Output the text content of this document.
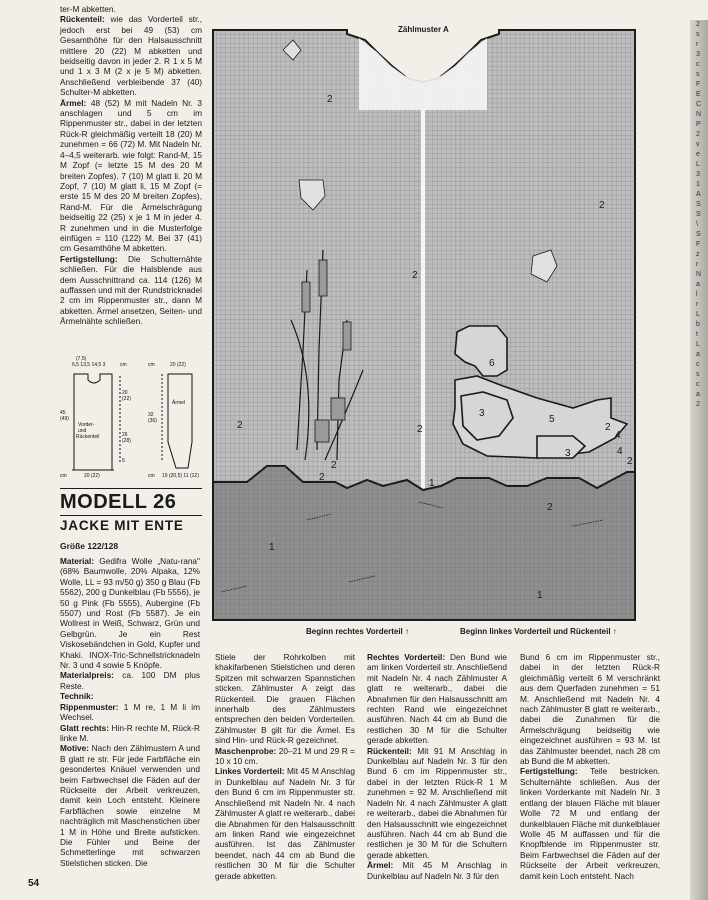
2
s
r
3
c
s
F
E
C
N
P
2
v
e
L
3
1
A
S
S
\
S
F
z
r
N
a
l
r
L
b
t
L
a
c
s
c
a
2

ter-M abketten.

Rückenteil: wie das Vorderteil str., jedoch erst bei 49 (53) cm Gesamthöhe für den Halsausschnitt mittlere 20 (22) M abketten und beidseitig davon in jeder 2. R 1 x 5 M und 1 x 3 M (2 x je 5 M) abketten. Anschließend verbleibende 37 (40) Schulter-M abketten.

Ärmel: 48 (52) M mit Nadeln Nr. 3 anschlagen und 5 cm im Rippenmuster str., dabei in der letzten Rück-R gleichmäßig verteilt 18 (20) M zunehmen = 66 (72) M. Mit Nadeln Nr. 4–4,5 weiterarb. wie folgt: Rand-M, 15 M Zopf (= letzte 15 M des 20 M breiten Zopfes). 7 (10) M glatt li. 20 M Zopf, 7 (10) M glatt li, 15 M Zopf (= erste 15 M des 20 M breiten Zopfes), Rand-M. Für die Ärmelschrägung beidseitig 22 (25) x je 1 M in jeder 4. R zunehmen und in die Musterfolge einfügen = 110 (122) M. Bei 37 (41) cm Gesamthöhe M abketten.

Fertigstellung: Die Schulternähte schließen. Für die Halsblende aus dem Ausschnittrand ca. 114 (126) M auffassen und mit der Rundstricknadel 2 cm im Rippenmuster str., dann M abketten. Ärmel ansetzen, Seiten- und Ärmelnähte schließen.

(7,5)
6,5 13,5 14,5 3	cm
Vorder-
und
Rückenteil
45
(49)
20
(22)
26
(28)
5
cm	20 (22)
cm	20 (22)
Ärmel
32
(36)
cm 19 (20,5) 11 (12)
MODELL 26
JACKE MIT ENTE
Größe 122/128

Material: Gedifra Wolle „Natu-rana" (68% Baumwolle, 20% Alpaka, 12% Wolle, LL = 93 m/50 g) 350 g Blau (Fb 5562), 200 g Dunkelblau (Fb 5556), je 50 g Pink (Fb 5555), Aubergine (Fb 5507) und Rost (Fb 5587). Je ein Wollrest in Weiß, Schwarz, Grün und Gelbgrün. Je ein Rest Viskosebändchen in Gold, Kupfer und Khaki. INOX-Tric-Schnellstricknadeln Nr. 3 und 4 sowie 5 Knöpfe.

Materialpreis: ca. 100 DM plus Reste.

Technik:

Rippenmuster: 1 M re, 1 M li im Wechsel.

Glatt rechts: Hin-R rechte M, Rück-R linke M.

Motive: Nach den Zählmustern A und B glatt re str. Für jede Farbfläche ein gesondertes Knäuel verwenden und beim Farbwechsel die Fäden auf der Rückseite der Arbeit verkreuzen, damit kein Loch entsteht. Kleinere Farbflächen sowie einzelne M nachträglich mit Maschenstichen über 1 M in Höhe und Breite aufsticken. Die Fühler und Beine der Schmetterlinge mit schwarzen Stielstichen sticken. Die

Zählmuster A
2
2
2
2
2
2
2
2
2
1
1
1
6
4
3
5
3	4
2
Beginn rechtes Vorderteil ↑	Beginn linkes Vorderteil und Rückenteil ↑

Stiele der Rohrkolben mit khakifarbenen Stielstichen und deren Spitzen mit schwarzen Spannstichen sticken. Zählmuster A zeigt das Rückenteil. Die grauen Flächen innerhalb des Zählmusters entsprechen den beiden Vorderteilen. Zählmuster B gilt für die Ärmel. Es sind Hin- und Rück-R gezeichnet.

Maschenprobe: 20–21 M und 29 R = 10 x 10 cm.

Linkes Vorderteil: Mit 45 M Anschlag in Dunkelblau auf Nadeln Nr. 3 für den Bund 6 cm im Rippenmuster str. Anschließend mit Nadeln Nr. 4 nach Zählmuster A glatt re weiterarb., dabei die Abnahmen für den Halsausschnitt am linken Rand wie eingezeichnet ausführen. Ist das Zählmuster beendet, nach 44 cm ab Bund die restlichen 30 M für die Schulter gerade abketten.

Rechtes Vorderteil: Den Bund wie am linken Vorderteil str. Anschließend mit Nadeln Nr. 4 nach Zählmuster A glatt re weiterarb., dabei die Abnahmen für den Halsausschnitt am rechten Rand wie eingezeichnet ausführen. Nach 44 cm ab Bund die restlichen 30 M für die Schulter gerade abketten.

Rückenteil: Mit 91 M Anschlag in Dunkelblau auf Nadeln Nr. 3 für den Bund 6 cm im Rippenmuster str., dabei in der letzten Rück-R 1 M zunehmen = 92 M. Anschließend mit Nadeln Nr. 4 nach Zählmuster A glatt re weiterarb., dabei die Abnahmen für den Halsausschnitt wie eingezeichnet ausführen. Nach 44 cm ab Bund die restlichen je 30 M für die Schultern gerade abketten.

Ärmel: Mit 45 M Anschlag in Dunkelblau auf Nadeln Nr. 3 für den

Bund 6 cm im Rippenmuster str., dabei in der letzten Rück-R gleichmäßig verteilt 6 M verschränkt aus dem Querfaden zunehmen = 51 M. Anschließend mit Nadeln Nr. 4 nach Zählmuster B glatt re weiterarb., dabei die Zunahmen für die Ärmelschrägung beidseitig wie eingezeichnet ausführen = 93 M. Ist das Zählmuster beendet, nach 28 cm ab Bund die M abketten.

Fertigstellung: Teile bestricken. Schulternähte schließen. Aus der linken Vorderkante mit Nadeln Nr. 3 entlang der blauen Fläche mit blauer Wolle 72 M und entlang der dunkelblauen Fläche mit dunkelblauer Wolle 45 M auffassen und für die Knopfblende im Rippenmuster str. Beim Farbwechsel die Fäden auf der Rückseite der Arbeit verkreuzen, damit kein Loch entsteht. Nach

54
